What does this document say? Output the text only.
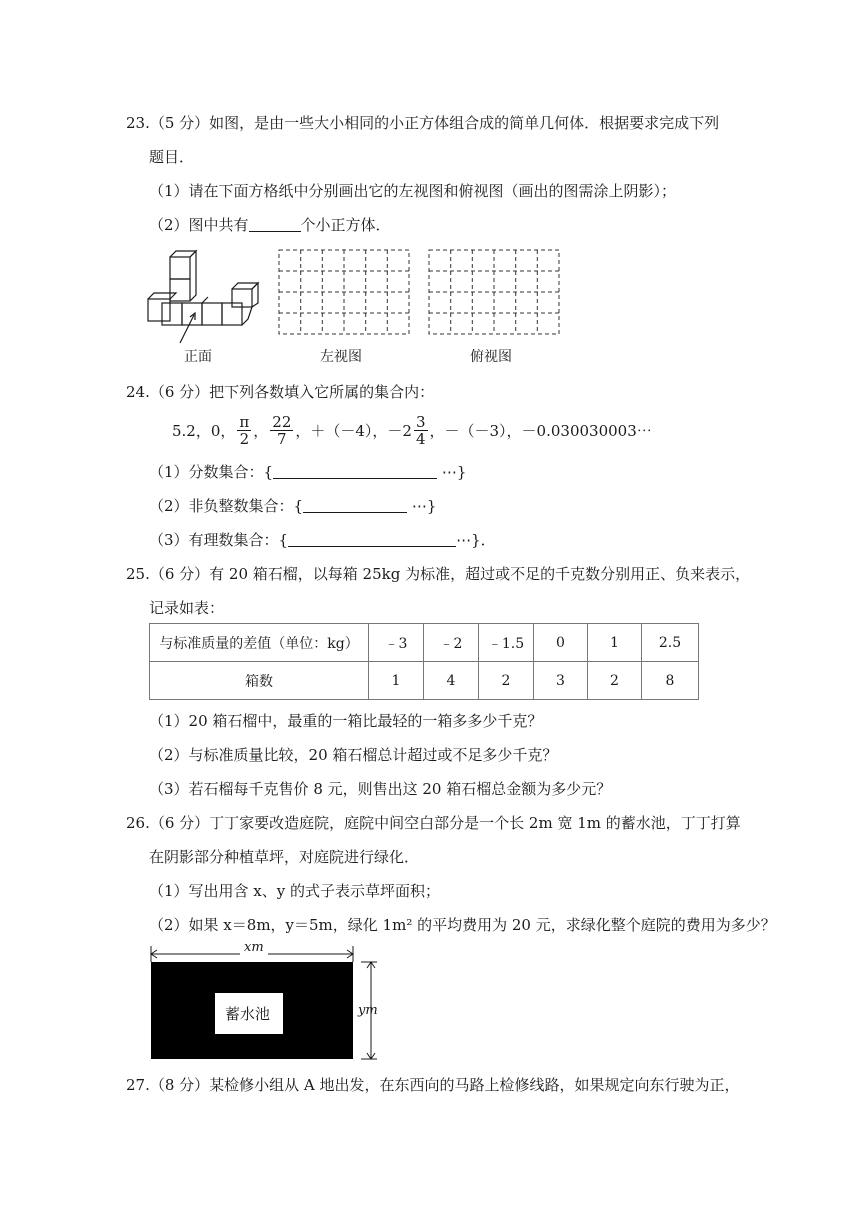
23.（5 分）如图，是由一些大小相同的小正方体组合成的简单几何体．根据要求完成下列
题目．
（1）请在下面方格纸中分别画出它的左视图和俯视图（画出的图需涂上阴影）；
（2）图中共有	个小正方体．
正面	左视图	俯视图
24.（6 分）把下列各数填入它所属的集合内：
5.2，0， $\frac{\pi}{2}$ ， $\frac{22}{7}$ ，＋（－4），$-2 \frac{3}{4}$ ，－（－3），－0.030030003⋯
（1）分数集合：{	⋯}
（2）非负整数集合：{	⋯}
（3）有理数集合：{	⋯}．
25.（6 分）有 20 箱石榴，以每箱 25kg 为标准，超过或不足的千克数分别用正、负来表示，
记录如表：
与标准质量的差值（单位：kg）	﹣3	﹣2	﹣1.5	0	1	2.5
箱数	1	4	2	3	2	8
（1）20 箱石榴中，最重的一箱比最轻的一箱多多少千克？
（2）与标准质量比较，20 箱石榴总计超过或不足多少千克？
（3）若石榴每千克售价 8 元，则售出这 20 箱石榴总金额为多少元？
26.（6 分）丁丁家要改造庭院，庭院中间空白部分是一个长 2m 宽 1m 的蓄水池，丁丁打算
在阴影部分种植草坪，对庭院进行绿化．
（1）写出用含 x、y 的式子表示草坪面积；
（2）如果 x＝8m，y＝5m，绿化 1m² 的平均费用为 20 元，求绿化整个庭院的费用为多少？
xm
ym
蓄水池
27.（8 分）某检修小组从 A 地出发，在东西向的马路上检修线路，如果规定向东行驶为正，
